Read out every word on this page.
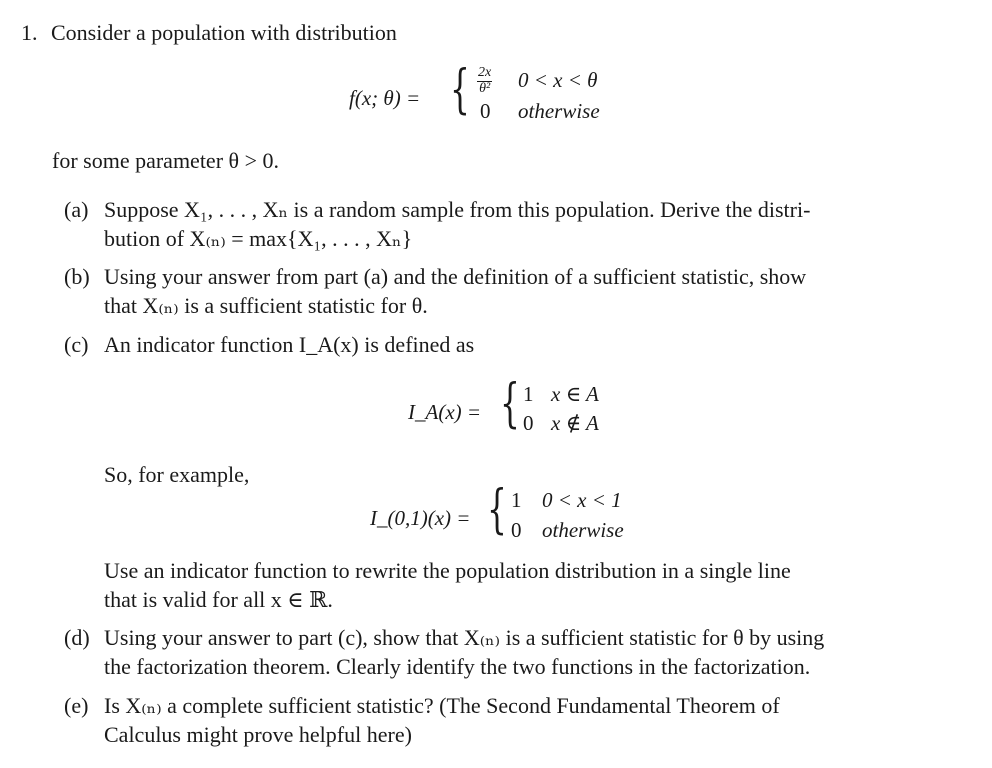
1. Consider a population with distribution
f(x; θ) = { $\frac{2x}{\text{θ²}} 0 < x < \theta$
0 otherwise
for some parameter θ > 0.
(a) Suppose X₁, . . . , Xₙ is a random sample from this population. Derive the distri-
bution of X₍ₙ₎ = max{X₁, . . . , Xₙ}
(b) Using your answer from part (a) and the definition of a sufficient statistic, show
that X₍ₙ₎ is a sufficient statistic for θ.
(c) An indicator function I_A(x) is defined as
I_A(x) = { 1 x ∈ A
0 x ∉ A
So, for example,
I_(0,1)(x) = { 1 0 < x < 1
0 otherwise
Use an indicator function to rewrite the population distribution in a single line
that is valid for all x ∈ ℝ.
(d) Using your answer to part (c), show that X₍ₙ₎ is a sufficient statistic for θ by using
the factorization theorem. Clearly identify the two functions in the factorization.
(e) Is X₍ₙ₎ a complete sufficient statistic? (The Second Fundamental Theorem of
Calculus might prove helpful here)
